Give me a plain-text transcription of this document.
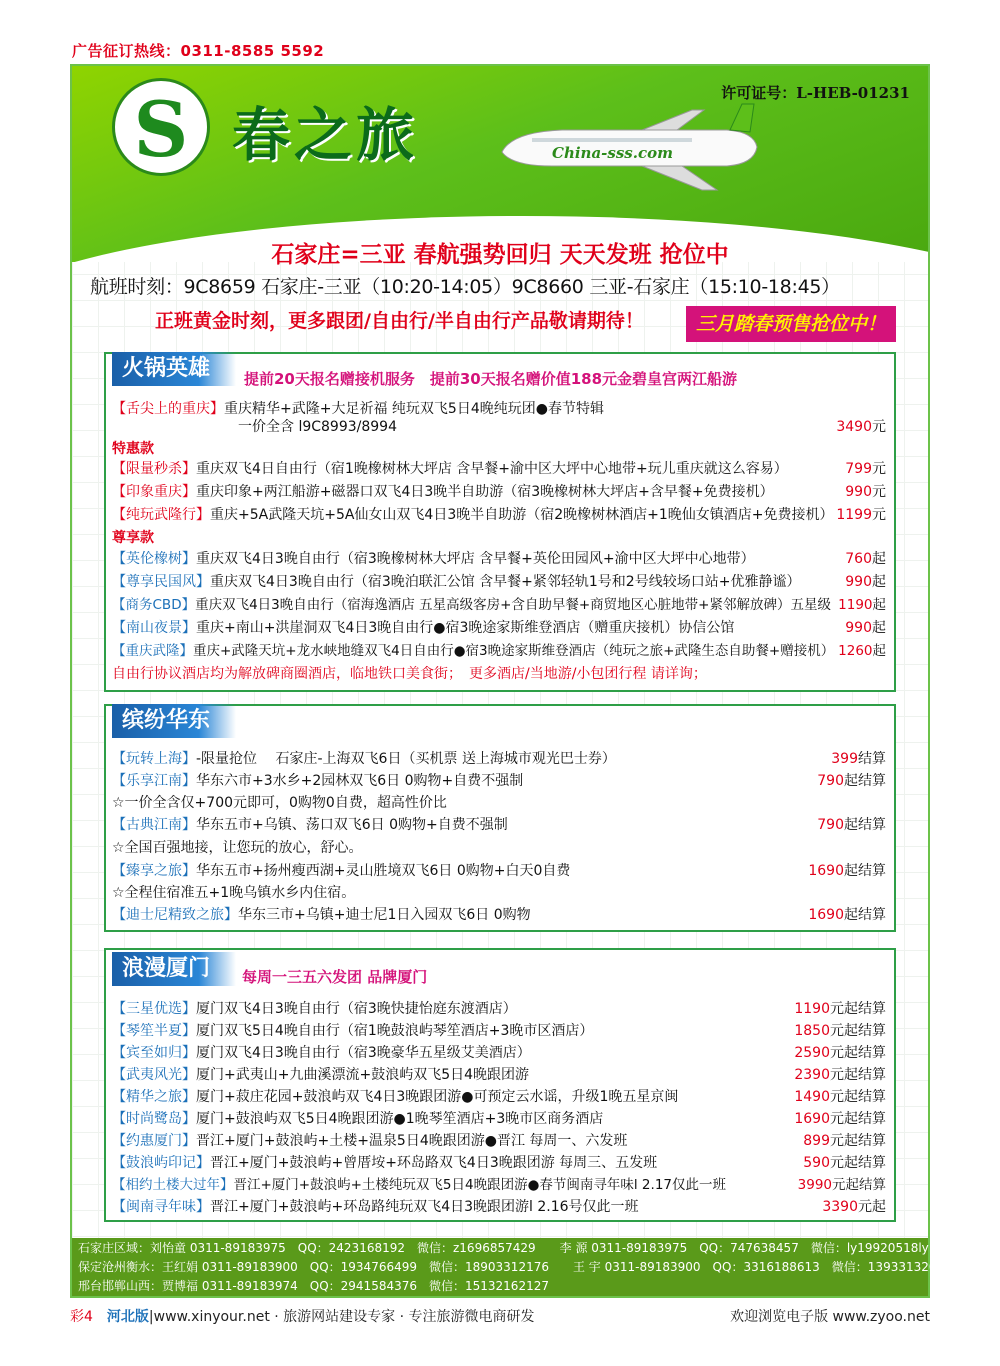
广告征订热线：0311-8585 5592
S 春之旅
许可证号：L-HEB-01231
China-sss.com
石家庄=三亚 春航强势回归 天天发班 抢位中
航班时刻：9C8659 石家庄-三亚（10:20-14:05）9C8660 三亚-石家庄（15:10-18:45）
正班黄金时刻，更多跟团/自由行/半自由行产品敬请期待！	三月踏春预售抢位中！
火锅英雄	提前20天报名赠接机服务　提前30天报名赠价值188元金碧皇宫两江船游
【舌尖上的重庆】重庆精华+武隆+大足祈福 纯玩双飞5日4晚纯玩团●春节特辑
一价全含 l9C8993/8994	3490元
特惠款
【限量秒杀】重庆双飞4日自由行（宿1晚橡树林大坪店 含早餐+渝中区大坪中心地带+玩儿重庆就这么容易）	799元
【印象重庆】重庆印象+两江船游+磁器口双飞4日3晚半自助游（宿3晚橡树林大坪店+含早餐+免费接机）	990元
【纯玩武隆行】重庆+5A武隆天坑+5A仙女山双飞4日3晚半自助游（宿2晚橡树林酒店+1晚仙女镇酒店+免费接机） 1199元
尊享款
【英伦橡树】重庆双飞4日3晚自由行（宿3晚橡树林大坪店 含早餐+英伦田园风+渝中区大坪中心地带）	760起
【尊享民国风】重庆双飞4日3晚自由行（宿3晚泊联汇公馆 含早餐+紧邻轻轨1号和2号线较场口站+优雅静谧）	990起
【商务CBD】重庆双飞4日3晚自由行（宿海逸酒店 五星高级客房+含自助早餐+商贸地区心脏地带+紧邻解放碑）五星级 1190起
【南山夜景】重庆+南山+洪崖洞双飞4日3晚自由行●宿3晚途家斯维登酒店（赠重庆接机）协信公馆	990起
【重庆武隆】重庆+武隆天坑+龙水峡地缝双飞4日自由行●宿3晚途家斯维登酒店（纯玩之旅+武隆生态自助餐+赠接机） 1260起
自由行协议酒店均为解放碑商圈酒店，临地铁口美食街；　更多酒店/当地游/小包团行程 请详询；
缤纷华东
【玩转上海】-限量抢位　 石家庄-上海双飞6日（买机票 送上海城市观光巴士券）	399结算
【乐享江南】华东六市+3水乡+2园林双飞6日 0购物+自费不强制	790起结算
☆一价全含仅+700元即可，0购物0自费，超高性价比
【古典江南】华东五市+乌镇、荡口双飞6日 0购物+自费不强制	790起结算
☆全国百强地接，让您玩的放心，舒心。
【臻享之旅】华东五市+扬州瘦西湖+灵山胜境双飞6日 0购物+白天0自费	1690起结算
☆全程住宿准五+1晚乌镇水乡内住宿。
【迪士尼精致之旅】华东三市+乌镇+迪士尼1日入园双飞6日 0购物	1690起结算
浪漫厦门	每周一三五六发团 品牌厦门
【三星优选】厦门双飞4日3晚自由行（宿3晚快捷怡庭东渡酒店）	1190元起结算
【琴笙半夏】厦门双飞5日4晚自由行（宿1晚鼓浪屿琴笙酒店+3晚市区酒店）	1850元起结算
【宾至如归】厦门双飞4日3晚自由行（宿3晚豪华五星级艾美酒店）	2590元起结算
【武夷风光】厦门+武夷山+九曲溪漂流+鼓浪屿双飞5日4晚跟团游	2390元起结算
【精华之旅】厦门+菽庄花园+鼓浪屿双飞4日3晚跟团游●可预定云水谣，升级1晚五星京闽	1490元起结算
【时尚鹭岛】厦门+鼓浪屿双飞5日4晚跟团游●1晚琴笙酒店+3晚市区商务酒店	1690元起结算
【约惠厦门】晋江+厦门+鼓浪屿+土楼+温泉5日4晚跟团游●晋江 每周一、六发班	899元起结算
【鼓浪屿印记】晋江+厦门+鼓浪屿+曾厝垵+环岛路双飞4日3晚跟团游 每周三、五发班	590元起结算
【相约土楼大过年】晋江+厦门+鼓浪屿+土楼纯玩双飞5日4晚跟团游●春节闽南寻年味l 2.17仅此一班	3990元起结算
【闽南寻年味】晋江+厦门+鼓浪屿+环岛路纯玩双飞4日3晚跟团游l 2.16号仅此一班	3390元起
石家庄区域：刘怡童 0311-89183975　QQ：2423168192　微信：z1696857429　　李 源 0311-89183975　QQ：747638457　微信：ly19920518ly
保定沧州衡水：王红娟 0311-89183900　QQ：1934766499　微信：18903312176　　王 宇 0311-89183900　QQ：3316188613　微信：13933132015
邢台邯郸山西：贾博福 0311-89183974　QQ：2941584376　微信：15132162127
彩4　 河北版|www.xinyour.net · 旅游网站建设专家 · 专注旅游微电商研发	欢迎浏览电子版 www.zyoo.net
